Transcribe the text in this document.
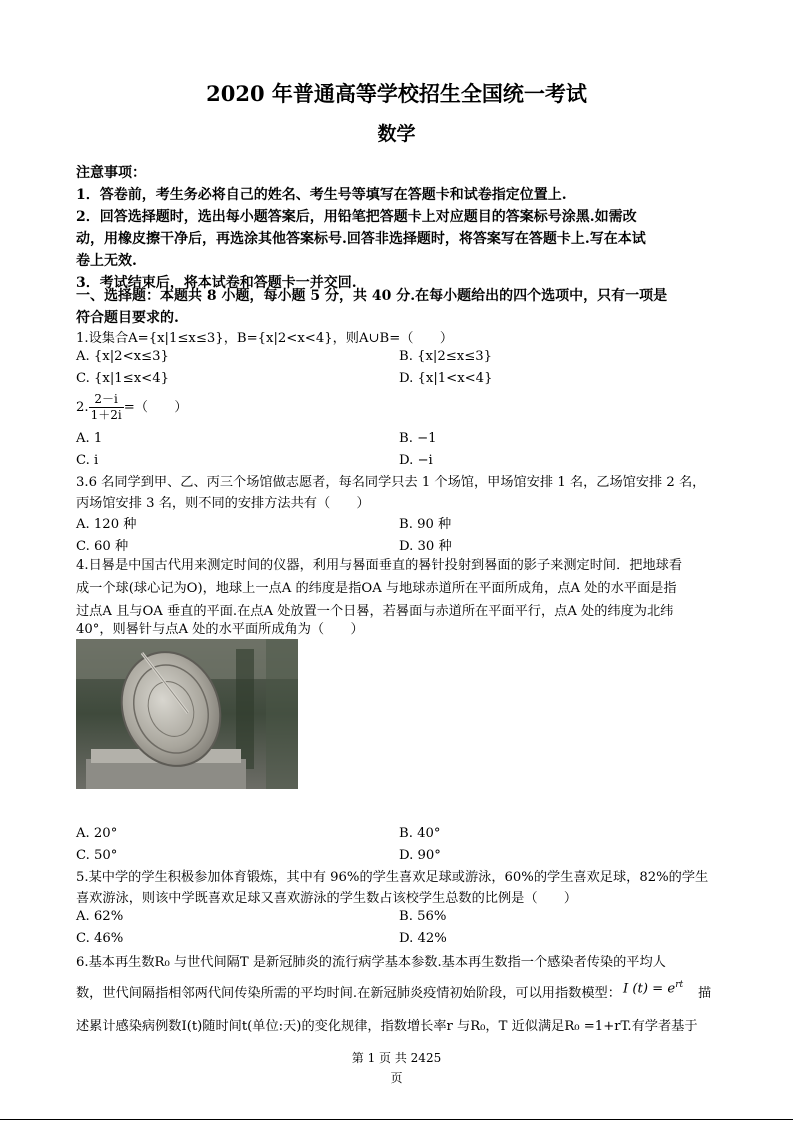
2020 年普通高等学校招生全国统一考试
数学
注意事项：
1．答卷前，考生务必将自己的姓名、考生号等填写在答题卡和试卷指定位置上.
2．回答选择题时，选出每小题答案后，用铅笔把答题卡上对应题目的答案标号涂黑.如需改
动，用橡皮擦干净后，再选涂其他答案标号.回答非选择题时，将答案写在答题卡上.写在本试
卷上无效.
3．考试结束后，将本试卷和答题卡一并交回.
一、选择题：本题共 8 小题，每小题 5 分，共 40 分.在每小题给出的四个选项中，只有一项是
符合题目要求的.
1.设集合A={x|1≤x≤3}，B={x|2<x<4}，则A∪B=（　　）
A. {x|2<x≤3}	B. {x|2≤x≤3}
C. {x|1≤x<4}	D. {x|1<x<4}
2. $\frac{2-i}{1+2i}$ =（　　）
A. 1	B. −1
C. i	D. −i
3.6 名同学到甲、乙、丙三个场馆做志愿者，每名同学只去 1 个场馆，甲场馆安排 1 名，乙场馆安排 2 名，
丙场馆安排 3 名，则不同的安排方法共有（　　）
A. 120 种	B. 90 种
C. 60 种	D. 30 种
4.日晷是中国古代用来测定时间的仪器，利用与晷面垂直的晷针投射到晷面的影子来测定时间．把地球看
成一个球(球心记为O)，地球上一点A 的纬度是指OA 与地球赤道所在平面所成角，点A 处的水平面是指
过点A 且与OA 垂直的平面.在点A 处放置一个日晷，若晷面与赤道所在平面平行，点A 处的纬度为北纬
40°，则晷针与点A 处的水平面所成角为（　　）
A. 20°	B. 40°
C. 50°	D. 90°
5.某中学的学生积极参加体育锻炼，其中有 96%的学生喜欢足球或游泳，60%的学生喜欢足球，82%的学生
喜欢游泳，则该中学既喜欢足球又喜欢游泳的学生数占该校学生总数的比例是（　　）
A. 62%	B. 56%
C. 46%	D. 42%
6.基本再生数R₀ 与世代间隔T 是新冠肺炎的流行病学基本参数.基本再生数指一个感染者传染的平均人
数，世代间隔指相邻两代间传染所需的平均时间.在新冠肺炎疫情初始阶段，可以用指数模型： I $(t) = e^{rt}$
描
述累计感染病例数I(t)随时间t(单位:天)的变化规律，指数增长率r 与R₀，T 近似满足R₀ =1+rT.有学者基于
第 1 页 共 2425
页
